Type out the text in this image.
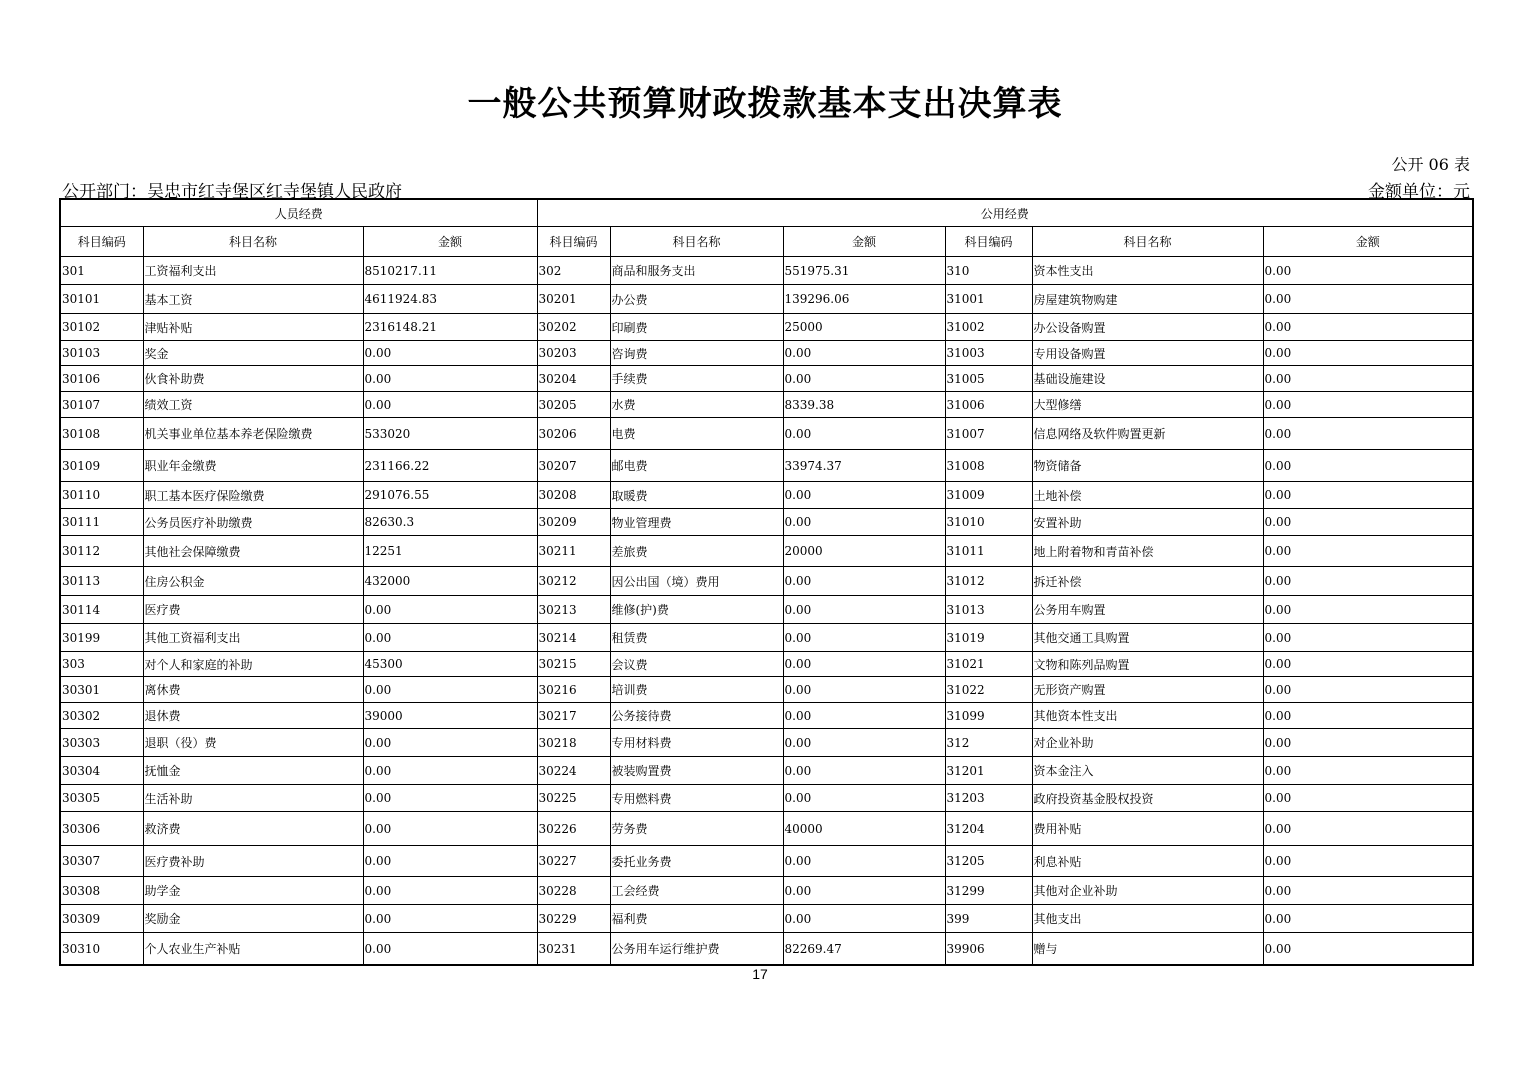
一般公共预算财政拨款基本支出决算表
公开 06 表
公开部门：吴忠市红寺堡区红寺堡镇人民政府	金额单位：元
人员经费			公用经费					
科目编码	科目名称	金额	科目编码	科目名称	金额	科目编码	科目名称	金额
301	工资福利支出	8510217.11	302	商品和服务支出	551975.31	310	资本性支出	0.00
30101	基本工资	4611924.83	30201	办公费	139296.06	31001	房屋建筑物购建	0.00
30102	津贴补贴	2316148.21	30202	印刷费	25000	31002	办公设备购置	0.00
30103	奖金	0.00	30203	咨询费	0.00	31003	专用设备购置	0.00
30106	伙食补助费	0.00	30204	手续费	0.00	31005	基础设施建设	0.00
30107	绩效工资	0.00	30205	水费	8339.38	31006	大型修缮	0.00
30108	机关事业单位基本养老保险缴费	533020	30206	电费	0.00	31007	信息网络及软件购置更新	0.00
30109	职业年金缴费	231166.22	30207	邮电费	33974.37	31008	物资储备	0.00
30110	职工基本医疗保险缴费	291076.55	30208	取暖费	0.00	31009	土地补偿	0.00
30111	公务员医疗补助缴费	82630.3	30209	物业管理费	0.00	31010	安置补助	0.00
30112	其他社会保障缴费	12251	30211	差旅费	20000	31011	地上附着物和青苗补偿	0.00
30113	住房公积金	432000	30212	因公出国（境）费用	0.00	31012	拆迁补偿	0.00
30114	医疗费	0.00	30213	维修(护)费	0.00	31013	公务用车购置	0.00
30199	其他工资福利支出	0.00	30214	租赁费	0.00	31019	其他交通工具购置	0.00
303	对个人和家庭的补助	45300	30215	会议费	0.00	31021	文物和陈列品购置	0.00
30301	离休费	0.00	30216	培训费	0.00	31022	无形资产购置	0.00
30302	退休费	39000	30217	公务接待费	0.00	31099	其他资本性支出	0.00
30303	退职（役）费	0.00	30218	专用材料费	0.00	312	对企业补助	0.00
30304	抚恤金	0.00	30224	被装购置费	0.00	31201	资本金注入	0.00
30305	生活补助	0.00	30225	专用燃料费	0.00	31203	政府投资基金股权投资	0.00
30306	救济费	0.00	30226	劳务费	40000	31204	费用补贴	0.00
30307	医疗费补助	0.00	30227	委托业务费	0.00	31205	利息补贴	0.00
30308	助学金	0.00	30228	工会经费	0.00	31299	其他对企业补助	0.00
30309	奖励金	0.00	30229	福利费	0.00	399	其他支出	0.00
30310	个人农业生产补贴	0.00	30231	公务用车运行维护费	82269.47	39906	赠与	0.00
17
